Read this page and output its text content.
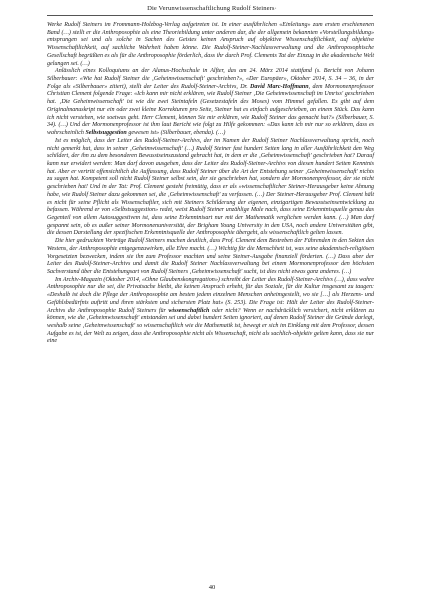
Die Verunwissenschaftlichung Rudolf Steiners·

Werke Rudolf Steiners im Frommann-Holzbog-Verlag aufgetreten ist. In einer ausführlichen «Einleitung» zum ersten erschienenen Band (…) stellt er die Anthroposophie als eine Theoriebildung unter anderen dar, die der allgemein bekannten «Vorstellungsbildung» entsprungen sei und als solche in Sachen des Geistes keinen Anspruch auf objektive Wissenschaftlichkeit, auf objektive Wissenschaftlichkeit, auf sachliche Wahrheit haben könne. Die Rudolf-Steiner-Nachlassverwaltung und die Anthroposophische Gesellschaft begrüßten es als für die Anthroposophie förderlich, dass ihr durch Prof. Clements Tat der Einzug in die akademische Welt gelungen sei. (…)

Anlässlich eines Kolloquiums an der Alanus-Hochschule in Alfter, das am 24. März 2014 stattfand (s. Bericht von Johann Silberbauer: «Wie hat Rudolf Steiner die ‚Geheimwissenschaft' geschrieben?», «Der Europäer», Oktober 2014, S. 34 – 36, in der Folge als «Silberbauer» zitiert), stellt der Leiter des Rudolf-Steiner-Archivs, Dr. David Marc-Hoffmann, dem Mormonenprofessor Christian Clement folgende Frage: «Ich kann mir nicht erklären, wie Rudolf Steiner ‚Die Geheimwissenschaft im Umriss' geschrieben hat. ‚Die Geheimwissenschaft' ist wie die zwei Steintafeln (Gesetzestafeln des Moses) vom Himmel gefallen. Es gibt auf dem Originalmanuskript nur ein oder zwei kleine Korrekturen pro Seite, Steiner hat es einfach aufgeschrieben, an einem Stück. Das kann ich nicht verstehen, wie soetwas geht. Herr Clement, können Sie mir erklären, wie Rudolf Steiner das gemacht hat?» (Silberbauer, S. 34). (…) Und der Mormonenprofessor ist ihm laut Bericht wie folgt zu Hilfe gekommen: «Das kann ich mir nur so erklären, dass es wahrscheinlich Selbstsuggestion gewesen ist» (Silberbauer, ebenda). (…)

Ist es möglich, dass der Leiter des Rudolf-Steiner-Archivs, der im Namen der Rudolf Steiner Nachlassverwaltung spricht, noch nicht gemerkt hat, dass in seiner ‚Geheimwissenschaft' (…) Rudolf Steiner fast hundert Seiten lang in aller Ausführlichkeit den Weg schildert, der ihn zu dem besonderen Bewusstseinszustand gebracht hat, in dem er die ‚Geheimwissenschaft' geschrieben hat? Darauf kann nur erwidert werden: Man darf davon ausgehen, dass der Leiter des Rudolf-Steiner-Archivs von diesen hundert Seiten Kenntnis hat. Aber er vertritt offensichtlich die Auffassung, dass Rudolf Steiner über die Art der Entstehung seiner ‚Geheimwissenschaft' nichts zu sagen hat. Kompetent soll nicht Rudolf Steiner selbst sein, der sie geschrieben hat, sondern der Mormonenprofessor, der sie nicht geschrieben hat! Und in der Tat: Prof. Clement gesteht freimütig, dass er als »wissenschaftlicher Steiner-Herausgeber keine Ahnung habe, wie Rudolf Steiner dazu gekommen sei, die ‚Geheimwissenschaft' zu verfassen. (…) Der Steiner-Herausgeber Prof. Clement hält es nicht für seine Pflicht als Wissenschaftler, sich mit Steiners Schilderung der eigenen, einzigartigen Bewusstseinsentwicklung zu befassen. Während er von «Selbstsuggestion» redet, weist Rudolf Steiner unzählige Male nach, dass seine Erkenntnisquelle genau das Gegenteil von allem Autosuggestivem ist, dass seine Erkenntnisart nur mit der Mathematik verglichen werden kann. (…) Man darf gespannt sein, ob es außer seiner Mormonenuniversität, der Brigham Young University in den USA, noch andere Universitäten gibt, die dessen Darstellung der spezifischen Erkenntnisquelle der Anthroposophie übergeht, als wissenschaftlich gelten lassen.

Die hier gedruckten Vorträge Rudolf Steiners machen deutlich, dass Prof. Clement dem Bestreben der Führenden in den Sekten des Westens, der Anthroposophie entgegenzuwirken, alle Ehre macht. (…) Wichtig für die Menschheit ist, was seine akademisch-religiösen Vorgesetzten bezwecken, indem sie ihn zum Professor machten und seine Steiner-Ausgabe finanziell förderten. (…) Dass aber der Leiter des Rudolf-Steiner-Archivs und damit die Rudolf Steiner Nachlassverwaltung bei einem Mormonenprofessor den höchsten Sachverstand über die Entstehungsart von Rudolf Steiners ‚Geheimwissenschaft' sucht, ist dies nicht etwas ganz anderes. (…)

Im Archiv-Magazin (Oktober 2014, «Ohne Glaubenskongregation») schreibt der Leiter des Rudolf-Steiner-Archivs (…), dass wahre Anthroposophie nur die sei, die Privatsache bleibt, die keinen Anspruch erhebt, für das Soziale, für die Kultur insgesamt zu taugen: «Deshalb ist doch die Pflege der Anthroposophie am besten jedem einzelnen Menschen anheimgestellt, wo sie […] als Herzens- und Gefühlsbedürfnis auftritt und ihren stärksten und sichersten Platz hat» (S. 253). Die Frage ist: Hält der Leiter des Rudolf-Steiner-Archivs die Anthroposophie Rudolf Steiners für wissenschaftlich oder nicht? Wenn er nachdrücklich versichert, nicht erklären zu können, wie die ‚Geheimwissenschaft' entstanden sei und dabei hundert Seiten ignoriert, auf denen Rudolf Steiner die Gründe darlegt, weshalb seine ‚Geheimwissenschaft' so wissenschaftlich wie die Mathematik ist, bewegt er sich im Einklang mit dem Professor, dessen Aufgabe es ist, der Welt zu zeigen, dass die Anthroposophie nicht als Wissenschaft, nicht als sachlich-objektiv gelten kann, dass sie nur eine

40
